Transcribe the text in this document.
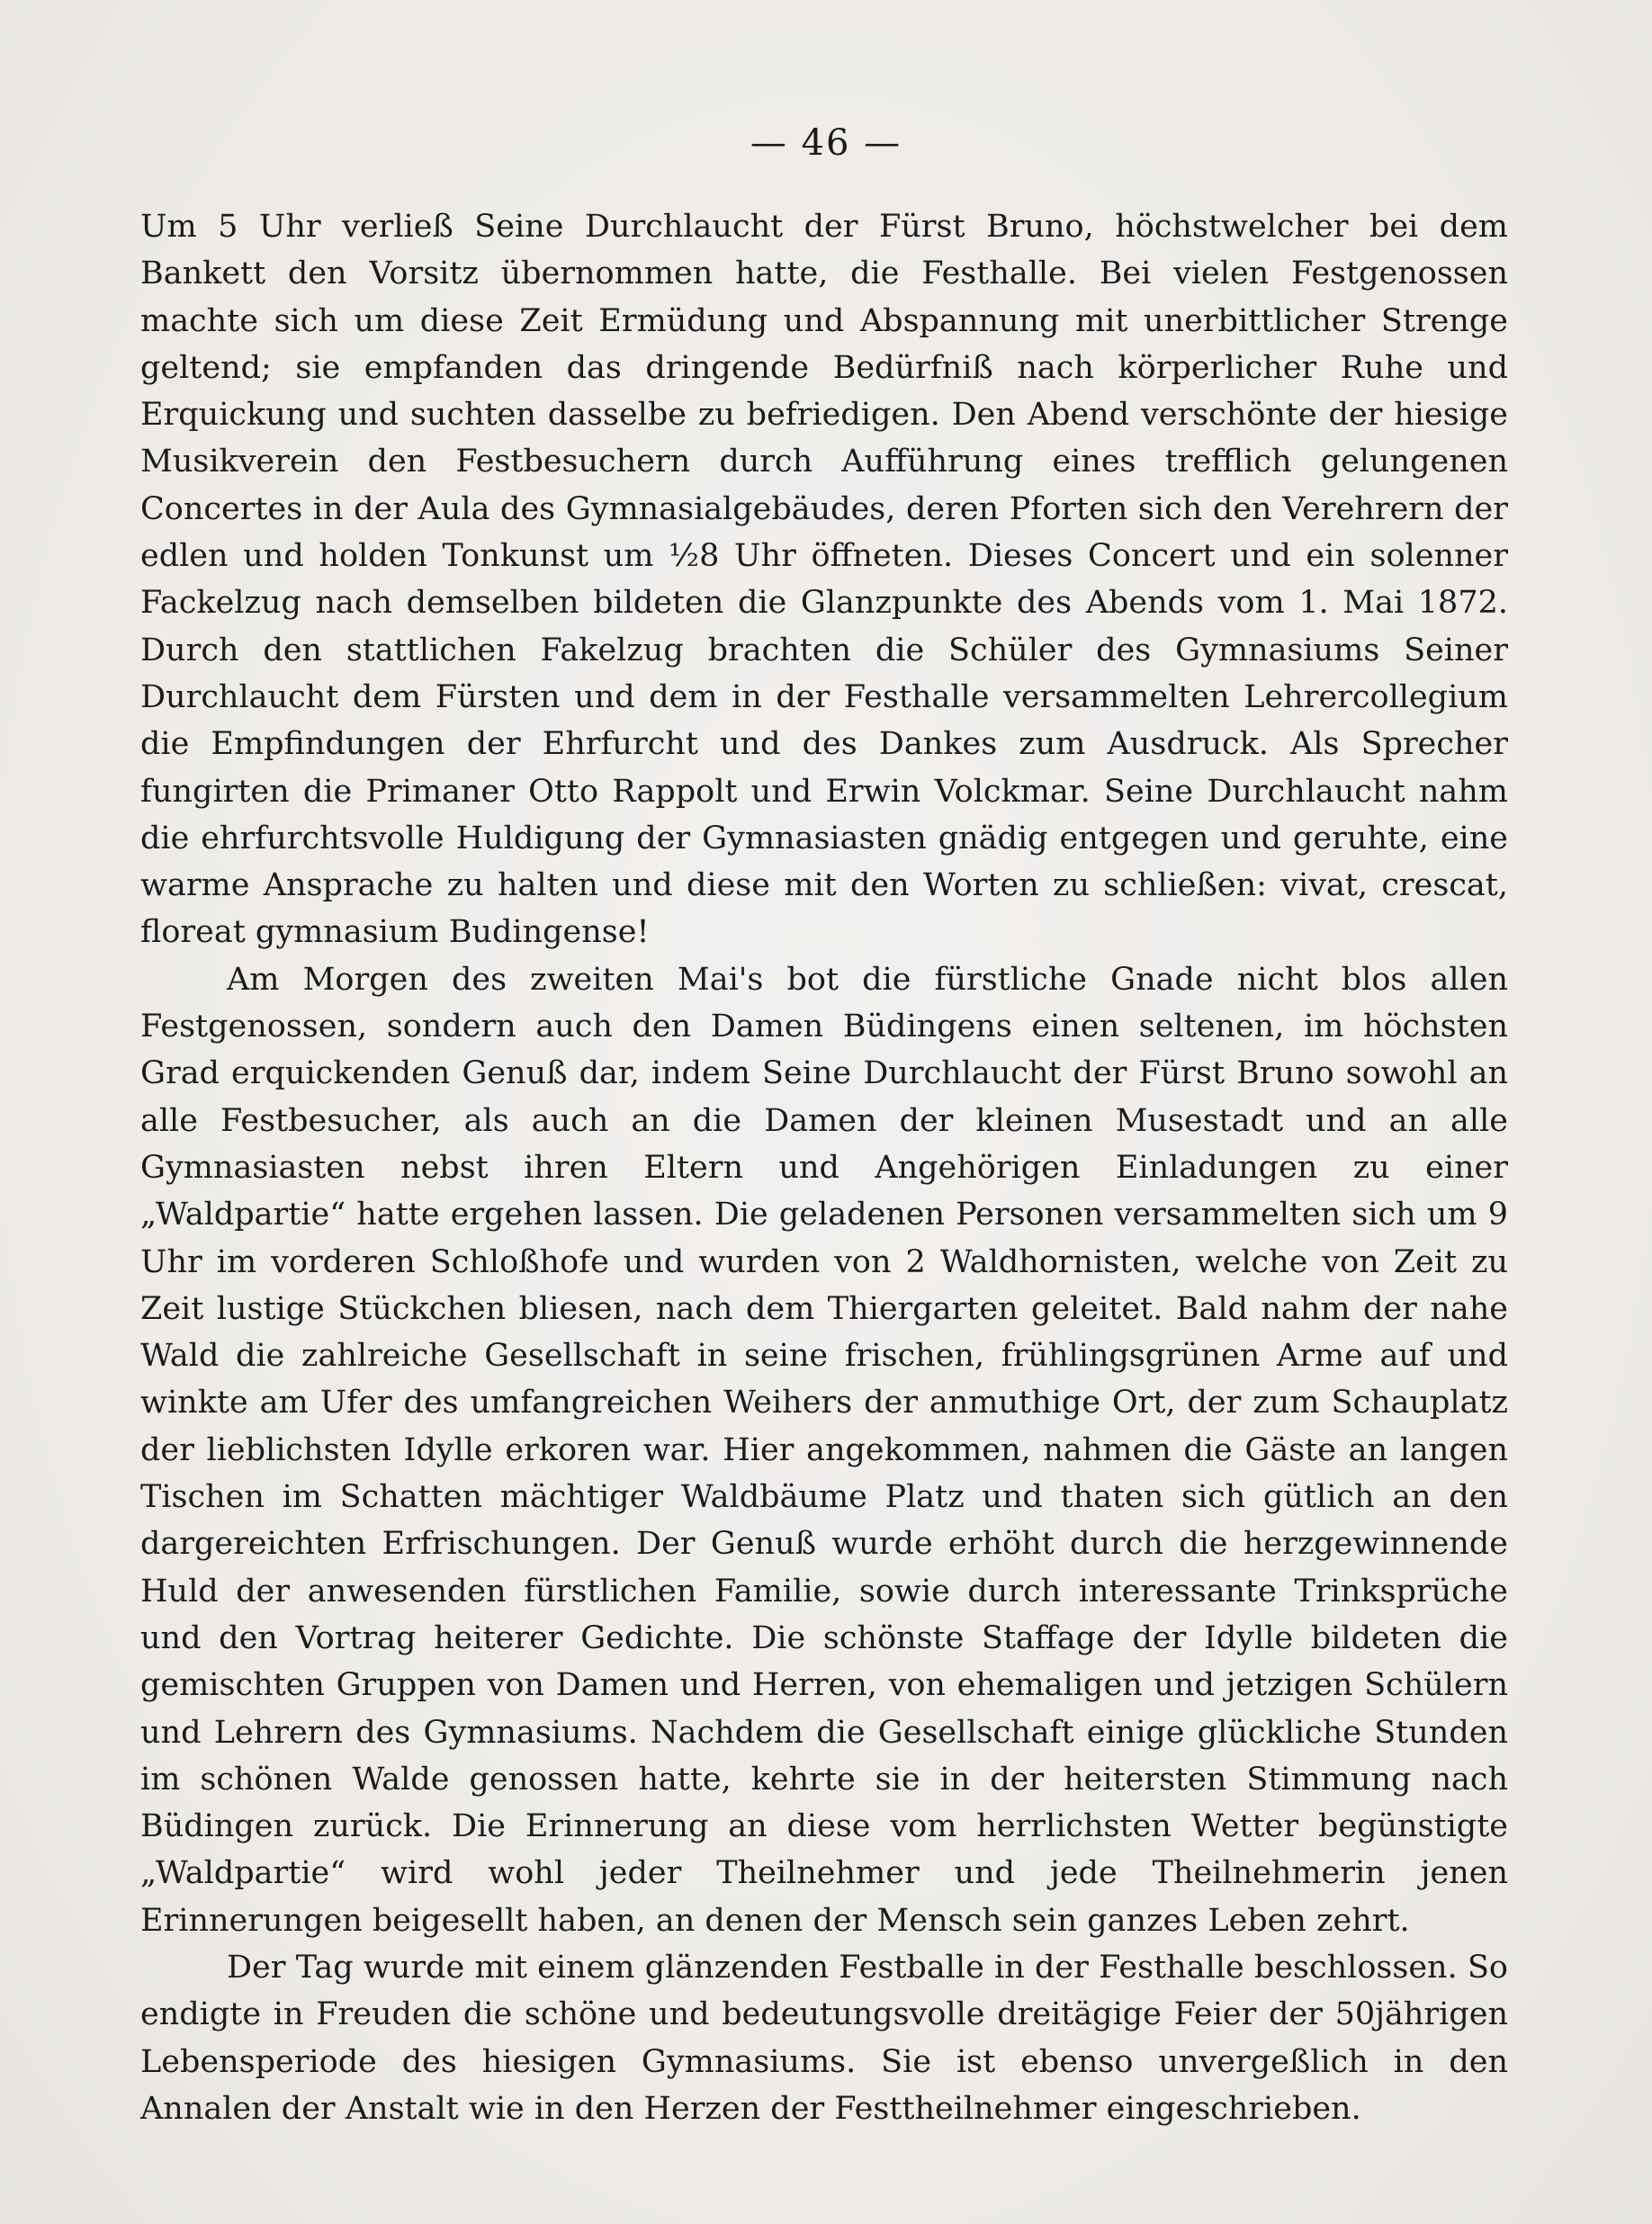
— 46 —

Um 5 Uhr verließ Seine Durchlaucht der Fürst Bruno, höchstwelcher bei dem Bankett den Vorsitz übernommen hatte, die Festhalle. Bei vielen Festgenossen machte sich um diese Zeit Ermüdung und Abspannung mit unerbittlicher Strenge geltend; sie empfanden das dringende Bedürfniß nach körperlicher Ruhe und Erquickung und suchten dasselbe zu befriedigen. Den Abend verschönte der hiesige Musikverein den Festbesuchern durch Aufführung eines trefflich gelungenen Concertes in der Aula des Gymnasialgebäudes, deren Pforten sich den Verehrern der edlen und holden Tonkunst um ½8 Uhr öffneten. Dieses Concert und ein solenner Fackelzug nach demselben bildeten die Glanzpunkte des Abends vom 1. Mai 1872. Durch den stattlichen Fakelzug brachten die Schüler des Gymnasiums Seiner Durchlaucht dem Fürsten und dem in der Festhalle versammelten Lehrercollegium die Empfindungen der Ehrfurcht und des Dankes zum Ausdruck. Als Sprecher fungirten die Primaner Otto Rappolt und Erwin Volckmar. Seine Durchlaucht nahm die ehrfurchtsvolle Huldigung der Gymnasiasten gnädig entgegen und geruhte, eine warme Ansprache zu halten und diese mit den Worten zu schließen: vivat, crescat, floreat gymnasium Budingense!

Am Morgen des zweiten Mai's bot die fürstliche Gnade nicht blos allen Festgenossen, sondern auch den Damen Büdingens einen seltenen, im höchsten Grad erquickenden Genuß dar, indem Seine Durchlaucht der Fürst Bruno sowohl an alle Festbesucher, als auch an die Damen der kleinen Musestadt und an alle Gymnasiasten nebst ihren Eltern und Angehörigen Einladungen zu einer „Waldpartie“ hatte ergehen lassen. Die geladenen Personen versammelten sich um 9 Uhr im vorderen Schloßhofe und wurden von 2 Waldhornisten, welche von Zeit zu Zeit lustige Stückchen bliesen, nach dem Thiergarten geleitet. Bald nahm der nahe Wald die zahlreiche Gesellschaft in seine frischen, frühlingsgrünen Arme auf und winkte am Ufer des umfangreichen Weihers der anmuthige Ort, der zum Schauplatz der lieblichsten Idylle erkoren war. Hier angekommen, nahmen die Gäste an langen Tischen im Schatten mächtiger Waldbäume Platz und thaten sich gütlich an den dargereichten Erfrischungen. Der Genuß wurde erhöht durch die herzgewinnende Huld der anwesenden fürstlichen Familie, sowie durch interessante Trinksprüche und den Vortrag heiterer Gedichte. Die schönste Staffage der Idylle bildeten die gemischten Gruppen von Damen und Herren, von ehemaligen und jetzigen Schülern und Lehrern des Gymnasiums. Nachdem die Gesellschaft einige glückliche Stunden im schönen Walde genossen hatte, kehrte sie in der heitersten Stimmung nach Büdingen zurück. Die Erinnerung an diese vom herrlichsten Wetter begünstigte „Waldpartie“ wird wohl jeder Theilnehmer und jede Theilnehmerin jenen Erinnerungen beigesellt haben, an denen der Mensch sein ganzes Leben zehrt.

Der Tag wurde mit einem glänzenden Festballe in der Festhalle beschlossen. So endigte in Freuden die schöne und bedeutungsvolle dreitägige Feier der 50jährigen Lebensperiode des hiesigen Gymnasiums. Sie ist ebenso unvergeßlich in den Annalen der Anstalt wie in den Herzen der Festtheilnehmer eingeschrieben.
